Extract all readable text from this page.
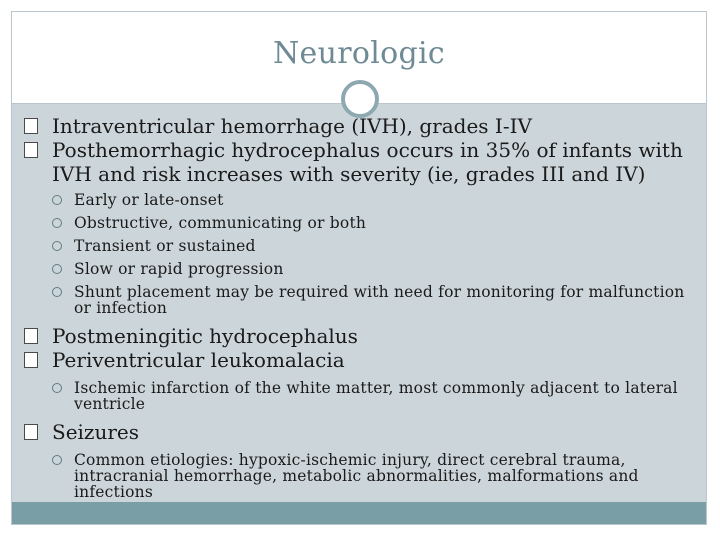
Neurologic
Intraventricular hemorrhage (IVH), grades I-IV
Posthemorrhagic hydrocephalus occurs in 35% of infants with IVH and risk increases with severity (ie, grades III and IV)
Early or late-onset
Obstructive, communicating or both
Transient or sustained
Slow or rapid progression
Shunt placement may be required with need for monitoring for malfunction or infection
Postmeningitic hydrocephalus
Periventricular leukomalacia
Ischemic infarction of the white matter, most commonly adjacent to lateral ventricle
Seizures
Common etiologies: hypoxic-ischemic injury, direct cerebral trauma, intracranial hemorrhage, metabolic abnormalities, malformations and infections
